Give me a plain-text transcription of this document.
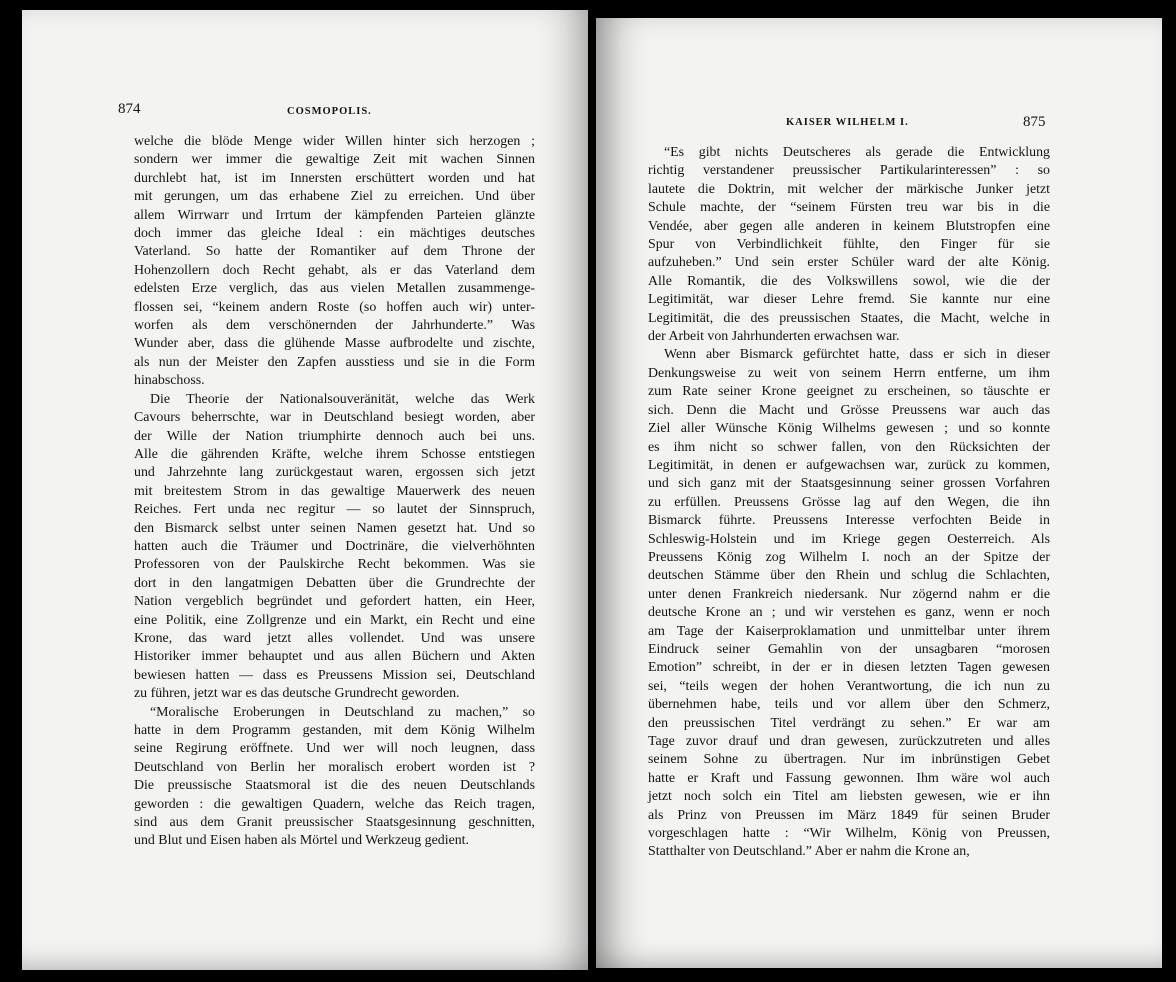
874	COSMOPOLIS.
welche die blöde Menge wider Willen hinter sich herzogen ;
sondern wer immer die gewaltige Zeit mit wachen Sinnen
durchlebt hat, ist im Innersten erschüttert worden und hat
mit gerungen, um das erhabene Ziel zu erreichen. Und über
allem Wirrwarr und Irrtum der kämpfenden Parteien glänzte
doch immer das gleiche Ideal : ein mächtiges deutsches
Vaterland. So hatte der Romantiker auf dem Throne der
Hohenzollern doch Recht gehabt, als er das Vaterland dem
edelsten Erze verglich, das aus vielen Metallen zusammenge-
flossen sei, “keinem andern Roste (so hoffen auch wir) unter-
worfen als dem verschönernden der Jahrhunderte.” Was
Wunder aber, dass die glühende Masse aufbrodelte und zischte,
als nun der Meister den Zapfen ausstiess und sie in die Form
hinabschoss.
Die Theorie der Nationalsouveränität, welche das Werk
Cavours beherrschte, war in Deutschland besiegt worden, aber
der Wille der Nation triumphirte dennoch auch bei uns.
Alle die gährenden Kräfte, welche ihrem Schosse entstiegen
und Jahrzehnte lang zurückgestaut waren, ergossen sich jetzt
mit breitestem Strom in das gewaltige Mauerwerk des neuen
Reiches. Fert unda nec regitur — so lautet der Sinnspruch,
den Bismarck selbst unter seinen Namen gesetzt hat. Und so
hatten auch die Träumer und Doctrinäre, die vielverhöhnten
Professoren von der Paulskirche Recht bekommen. Was sie
dort in den langatmigen Debatten über die Grundrechte der
Nation vergeblich begründet und gefordert hatten, ein Heer,
eine Politik, eine Zollgrenze und ein Markt, ein Recht und eine
Krone, das ward jetzt alles vollendet. Und was unsere
Historiker immer behauptet und aus allen Büchern und Akten
bewiesen hatten — dass es Preussens Mission sei, Deutschland
zu führen, jetzt war es das deutsche Grundrecht geworden.
“Moralische Eroberungen in Deutschland zu machen,” so
hatte in dem Programm gestanden, mit dem König Wilhelm
seine Regirung eröffnete. Und wer will noch leugnen, dass
Deutschland von Berlin her moralisch erobert worden ist ?
Die preussische Staatsmoral ist die des neuen Deutschlands
geworden : die gewaltigen Quadern, welche das Reich tragen,
sind aus dem Granit preussischer Staatsgesinnung geschnitten,
und Blut und Eisen haben als Mörtel und Werkzeug gedient.
KAISER WILHELM I.	875
“Es gibt nichts Deutscheres als gerade die Entwicklung
richtig verstandener preussischer Partikularinteressen” : so
lautete die Doktrin, mit welcher der märkische Junker jetzt
Schule machte, der “seinem Fürsten treu war bis in die
Vendée, aber gegen alle anderen in keinem Blutstropfen eine
Spur von Verbindlichkeit fühlte, den Finger für sie
aufzuheben.” Und sein erster Schüler ward der alte König.
Alle Romantik, die des Volkswillens sowol, wie die der
Legitimität, war dieser Lehre fremd. Sie kannte nur eine
Legitimität, die des preussischen Staates, die Macht, welche in
der Arbeit von Jahrhunderten erwachsen war.
Wenn aber Bismarck gefürchtet hatte, dass er sich in dieser
Denkungsweise zu weit von seinem Herrn entferne, um ihm
zum Rate seiner Krone geeignet zu erscheinen, so täuschte er
sich. Denn die Macht und Grösse Preussens war auch das
Ziel aller Wünsche König Wilhelms gewesen ; und so konnte
es ihm nicht so schwer fallen, von den Rücksichten der
Legitimität, in denen er aufgewachsen war, zurück zu kommen,
und sich ganz mit der Staatsgesinnung seiner grossen Vorfahren
zu erfüllen. Preussens Grösse lag auf den Wegen, die ihn
Bismarck führte. Preussens Interesse verfochten Beide in
Schleswig-Holstein und im Kriege gegen Oesterreich. Als
Preussens König zog Wilhelm I. noch an der Spitze der
deutschen Stämme über den Rhein und schlug die Schlachten,
unter denen Frankreich niedersank. Nur zögernd nahm er die
deutsche Krone an ; und wir verstehen es ganz, wenn er noch
am Tage der Kaiserproklamation und unmittelbar unter ihrem
Eindruck seiner Gemahlin von der unsagbaren “morosen
Emotion” schreibt, in der er in diesen letzten Tagen gewesen
sei, “teils wegen der hohen Verantwortung, die ich nun zu
übernehmen habe, teils und vor allem über den Schmerz,
den preussischen Titel verdrängt zu sehen.” Er war am
Tage zuvor drauf und dran gewesen, zurückzutreten und alles
seinem Sohne zu übertragen. Nur im inbrünstigen Gebet
hatte er Kraft und Fassung gewonnen. Ihm wäre wol auch
jetzt noch solch ein Titel am liebsten gewesen, wie er ihn
als Prinz von Preussen im März 1849 für seinen Bruder
vorgeschlagen hatte : “Wir Wilhelm, König von Preussen,
Statthalter von Deutschland.” Aber er nahm die Krone an,
